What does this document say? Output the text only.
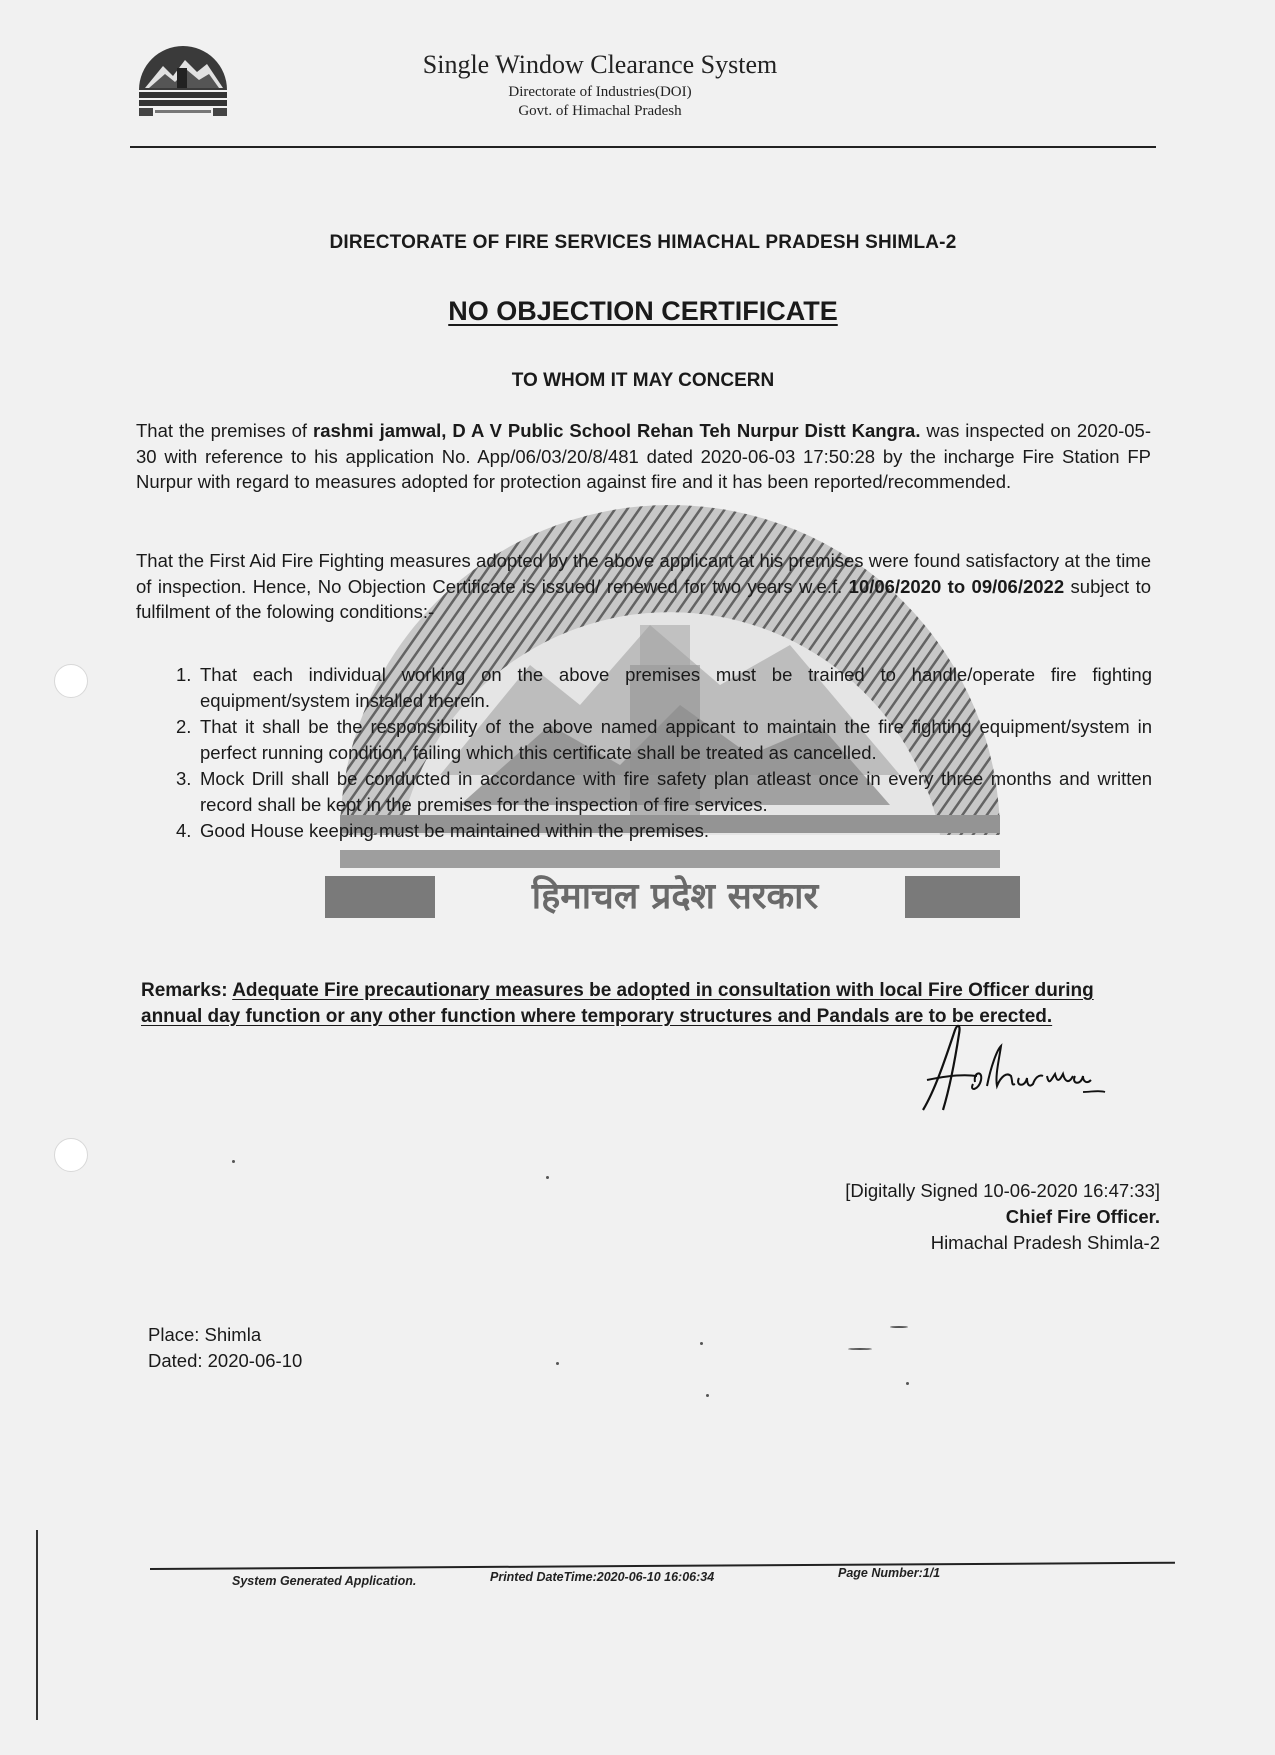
Single Window Clearance System
Directorate of Industries(DOI)
Govt. of Himachal Pradesh
DIRECTORATE OF FIRE SERVICES HIMACHAL PRADESH SHIMLA-2
NO OBJECTION CERTIFICATE
TO WHOM IT MAY CONCERN
That the premises of rashmi jamwal, D A V Public School Rehan Teh Nurpur Distt Kangra. was inspected on 2020-05-30 with reference to his application No. App/06/03/20/8/481 dated 2020-06-03 17:50:28 by the incharge Fire Station FP Nurpur with regard to measures adopted for protection against fire and it has been reported/recommended.
That the First Aid Fire Fighting measures adopted by the above applicant at his premises were found satisfactory at the time of inspection. Hence, No Objection Certificate is issued/ renewed for two years w.e.f. 10/06/2020 to 09/06/2022 subject to fulfilment of the folowing conditions:-
1. That each individual working on the above premises must be trained to handle/operate fire fighting equipment/system installed therein.
2. That it shall be the responsibility of the above named appicant to maintain the fire fighting equipment/system in perfect running condition, failing which this certificate shall be treated as cancelled.
3. Mock Drill shall be conducted in accordance with fire safety plan atleast once in every three months and written record shall be kept in the premises for the inspection of fire services.
4. Good House keeping must be maintained within the premises.
हिमाचल प्रदेश सरकार
Remarks: Adequate Fire precautionary measures be adopted in consultation with local Fire Officer during annual day function or any other function where temporary structures and Pandals are to be erected.
[Digitally Signed 10-06-2020 16:47:33]
Chief Fire Officer.
Himachal Pradesh Shimla-2
Place: Shimla
Dated: 2020-06-10
System Generated Application.	Printed DateTime:2020-06-10 16:06:34	Page Number:1/1
